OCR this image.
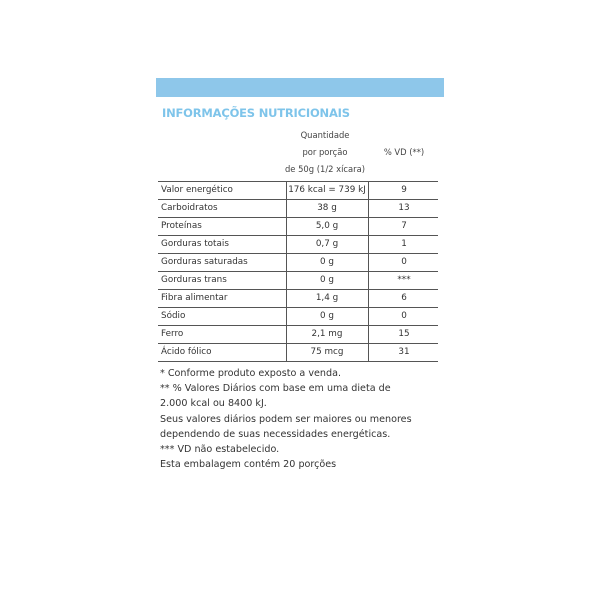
INFORMAÇÕES NUTRICIONAIS
Quantidade
por porção
de 50g (1/2 xícara)
% VD (**)
Valor energético	176 kcal = 739 kJ	9
Carboidratos	38 g	13
Proteínas	5,0 g	7
Gorduras totais	0,7 g	1
Gorduras saturadas	0 g	0
Gorduras trans	0 g	***
Fibra alimentar	1,4 g	6
Sódio	0 g	0
Ferro	2,1 mg	15
Ácido fólico	75 mcg	31
* Conforme produto exposto a venda.
** % Valores Diários com base em uma dieta de
2.000 kcal ou 8400 kJ.
Seus valores diários podem ser maiores ou menores
dependendo de suas necessidades energéticas.
*** VD não estabelecido.
Esta embalagem contém 20 porções
